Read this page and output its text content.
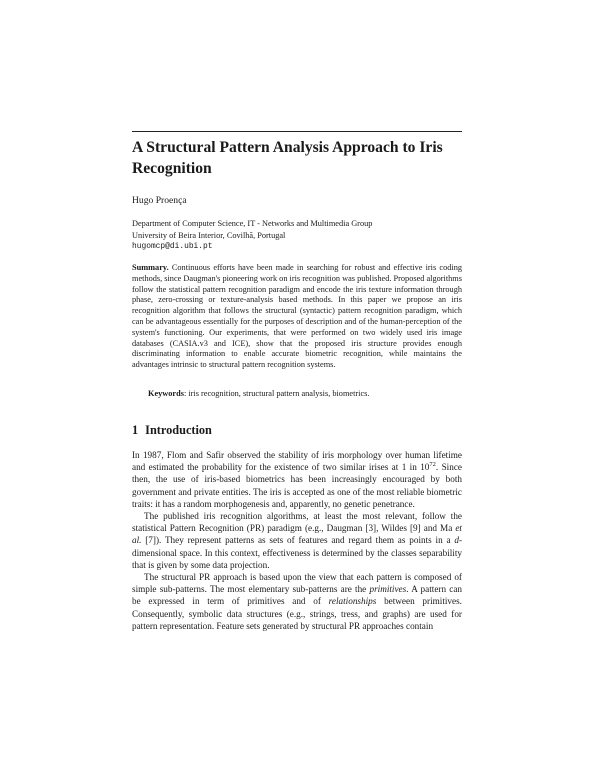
A Structural Pattern Analysis Approach to Iris Recognition

Hugo Proença

Department of Computer Science, IT - Networks and Multimedia Group
University of Beira Interior, Covilhã, Portugal
hugomcp@di.ubi.pt

Summary. Continuous efforts have been made in searching for robust and effective iris coding methods, since Daugman's pioneering work on iris recognition was published. Proposed algorithms follow the statistical pattern recognition paradigm and encode the iris texture information through phase, zero-crossing or texture-analysis based methods. In this paper we propose an iris recognition algorithm that follows the structural (syntactic) pattern recognition paradigm, which can be advantageous essentially for the purposes of description and of the human-perception of the system's functioning. Our experiments, that were performed on two widely used iris image databases (CASIA.v3 and ICE), show that the proposed iris structure provides enough discriminating information to enable accurate biometric recognition, while maintains the advantages intrinsic to structural pattern recognition systems.

Keywords: iris recognition, structural pattern analysis, biometrics.

1 Introduction

In 1987, Flom and Safir observed the stability of iris morphology over human lifetime and estimated the probability for the existence of two similar irises at 1 in $10^{72}$. Since then, the use of iris-based biometrics has been increasingly encouraged by both government and private entities. The iris is accepted as one of the most reliable biometric traits: it has a random morphogenesis and, apparently, no genetic penetrance.

The published iris recognition algorithms, at least the most relevant, follow the statistical Pattern Recognition (PR) paradigm (e.g., Daugman [3], Wildes [9] and Ma et al. [7]). They represent patterns as sets of features and regard them as points in a d-dimensional space. In this context, effectiveness is determined by the classes separability that is given by some data projection.

The structural PR approach is based upon the view that each pattern is composed of simple sub-patterns. The most elementary sub-patterns are the primitives. A pattern can be expressed in term of primitives and of relationships between primitives. Consequently, symbolic data structures (e.g., strings, tress, and graphs) are used for pattern representation. Feature sets generated by structural PR approaches contain
